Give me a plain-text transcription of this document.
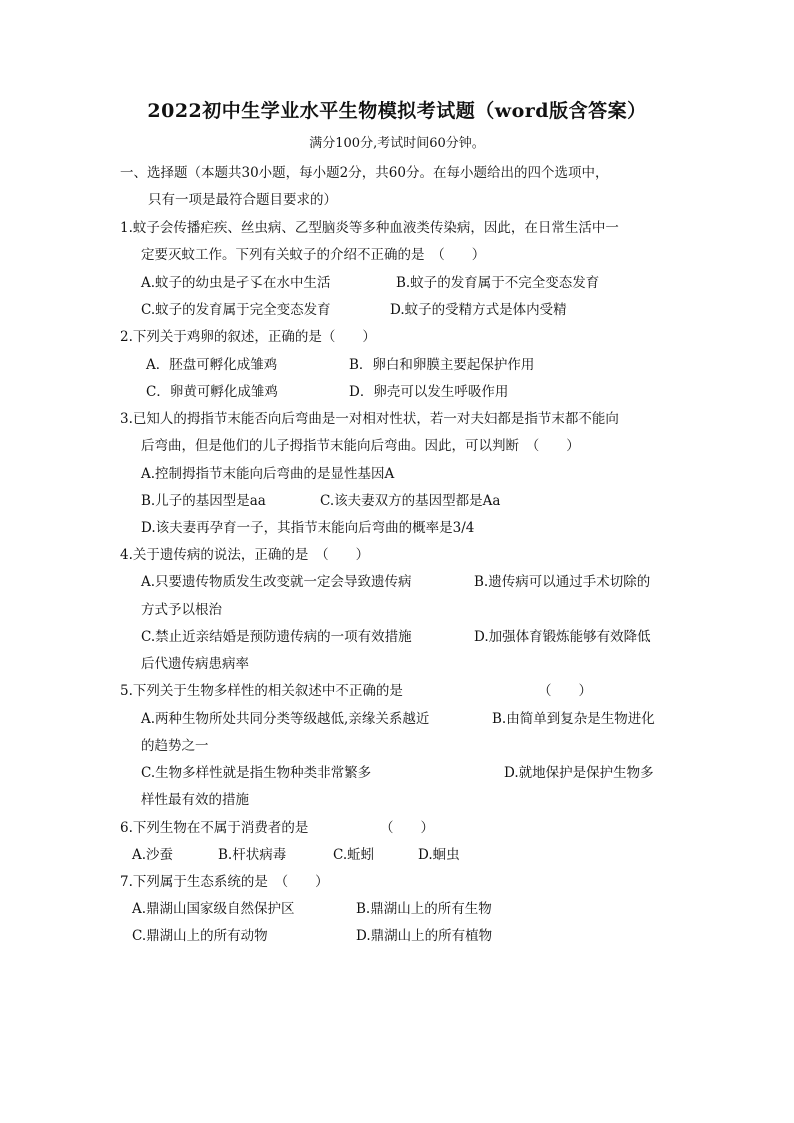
2022初中生学业水平生物模拟考试题（word版含答案）
满分100分,考试时间60分钟。
一、选择题（本题共30小题，每小题2分，共60分。在每小题给出的四个选项中，
只有一项是最符合题目要求的）
1.蚊子会传播疟疾、丝虫病、乙型脑炎等多种血液类传染病，因此，在日常生活中一
定要灭蚊工作。下列有关蚊子的介绍不正确的是　（　　）
A.蚊子的幼虫是孑孓在水中生活	B.蚊子的发育属于不完全变态发育
C.蚊子的发育属于完全变态发育	D.蚊子的受精方式是体内受精
2.下列关于鸡卵的叙述，正确的是（　　）
A．胚盘可孵化成雏鸡	B．卵白和卵膜主要起保护作用
C．卵黄可孵化成雏鸡	D．卵壳可以发生呼吸作用
3.已知人的拇指节末能否向后弯曲是一对相对性状，若一对夫妇都是指节末都不能向
后弯曲，但是他们的儿子拇指节末能向后弯曲。因此，可以判断　（　　）
A.控制拇指节末能向后弯曲的是显性基因A
B.儿子的基因型是aa	C.该夫妻双方的基因型都是Aa
D.该夫妻再孕育一子，其指节末能向后弯曲的概率是3/4
4.关于遗传病的说法，正确的是　（　　）
A.只要遗传物质发生改变就一定会导致遗传病	B.遗传病可以通过手术切除的
方式予以根治
C.禁止近亲结婚是预防遗传病的一项有效措施	D.加强体育锻炼能够有效降低
后代遗传病患病率
5.下列关于生物多样性的相关叙述中不正确的是	（　　）
A.两种生物所处共同分类等级越低,亲缘关系越近	B.由简单到复杂是生物进化
的趋势之一
C.生物多样性就是指生物种类非常繁多	D.就地保护是保护生物多
样性最有效的措施
6.下列生物在不属于消费者的是	（　　）
A.沙蚕	B.杆状病毒	C.蚯蚓	D.蛔虫
7.下列属于生态系统的是　（　　）
A.鼎湖山国家级自然保护区	B.鼎湖山上的所有生物
C.鼎湖山上的所有动物	D.鼎湖山上的所有植物
